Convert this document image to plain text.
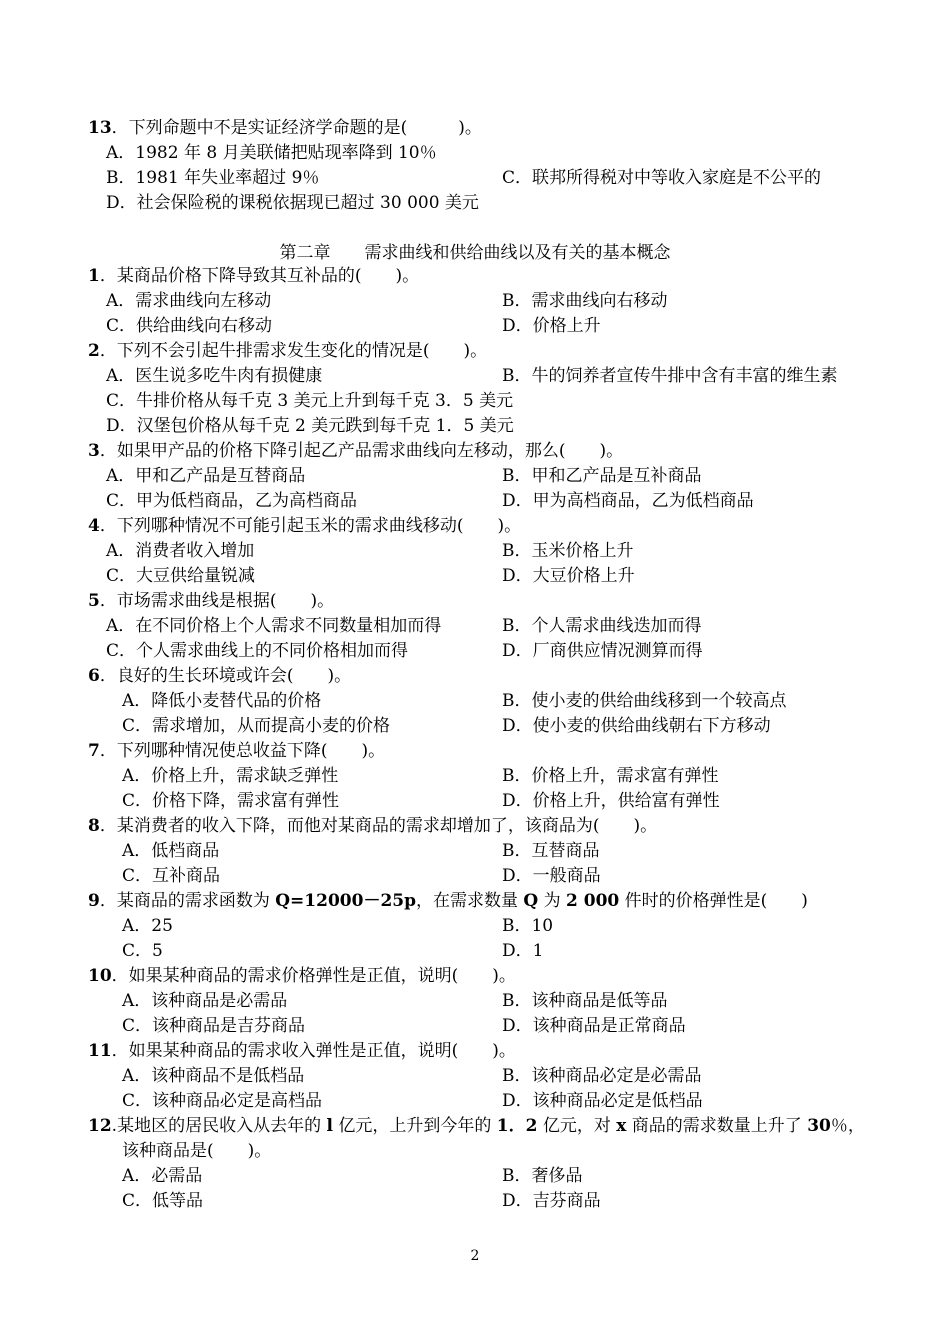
13．下列命题中不是实证经济学命题的是(　　　)。
A．1982 年 8 月美联储把贴现率降到 10％
B．1981 年失业率超过 9％	C．联邦所得税对中等收入家庭是不公平的
D．社会保险税的课税依据现已超过 30 000 美元
第二章　　需求曲线和供给曲线以及有关的基本概念
1．某商品价格下降导致其互补品的(　　)。
A．需求曲线向左移动	B．需求曲线向右移动
C．供给曲线向右移动	D．价格上升
2．下列不会引起牛排需求发生变化的情况是(　　)。
A．医生说多吃牛肉有损健康	B．牛的饲养者宣传牛排中含有丰富的维生素
C．牛排价格从每千克 3 美元上升到每千克 3．5 美元
D．汉堡包价格从每千克 2 美元跌到每千克 1．5 美元
3．如果甲产品的价格下降引起乙产品需求曲线向左移动，那么(　　)。
A．甲和乙产品是互替商品	B．甲和乙产品是互补商品
C．甲为低档商品，乙为高档商品	D．甲为高档商品，乙为低档商品
4．下列哪种情况不可能引起玉米的需求曲线移动(　　)。
A．消费者收入增加	B．玉米价格上升
C．大豆供给量锐减	D．大豆价格上升
5．市场需求曲线是根据(　　)。
A．在不同价格上个人需求不同数量相加而得	B．个人需求曲线迭加而得
C．个人需求曲线上的不同价格相加而得	D．厂商供应情况测算而得
6．良好的生长环境或许会(　　)。
A．降低小麦替代品的价格	B．使小麦的供给曲线移到一个较高点
C．需求增加，从而提高小麦的价格	D．使小麦的供给曲线朝右下方移动
7．下列哪种情况使总收益下降(　　)。
A．价格上升，需求缺乏弹性	B．价格上升，需求富有弹性
C．价格下降，需求富有弹性	D．价格上升，供给富有弹性
8．某消费者的收入下降，而他对某商品的需求却增加了，该商品为(　　)。
A．低档商品	B．互替商品
C．互补商品	D．一般商品
9．某商品的需求函数为 Q=12000－25p，在需求数量 Q 为 2 000 件时的价格弹性是(　　)
A．25	B．10
C．5	D．1
10．如果某种商品的需求价格弹性是正值，说明(　　)。
A．该种商品是必需品	B．该种商品是低等品
C．该种商品是吉芬商品	D．该种商品是正常商品
11．如果某种商品的需求收入弹性是正值，说明(　　)。
A．该种商品不是低档品	B．该种商品必定是必需品
C．该种商品必定是高档品	D．该种商品必定是低档品
12.某地区的居民收入从去年的 l 亿元，上升到今年的 1．2 亿元，对 x 商品的需求数量上升了 30％，
该种商品是(　　)。
A．必需品	B．奢侈品
C．低等品	D．吉芬商品
2
